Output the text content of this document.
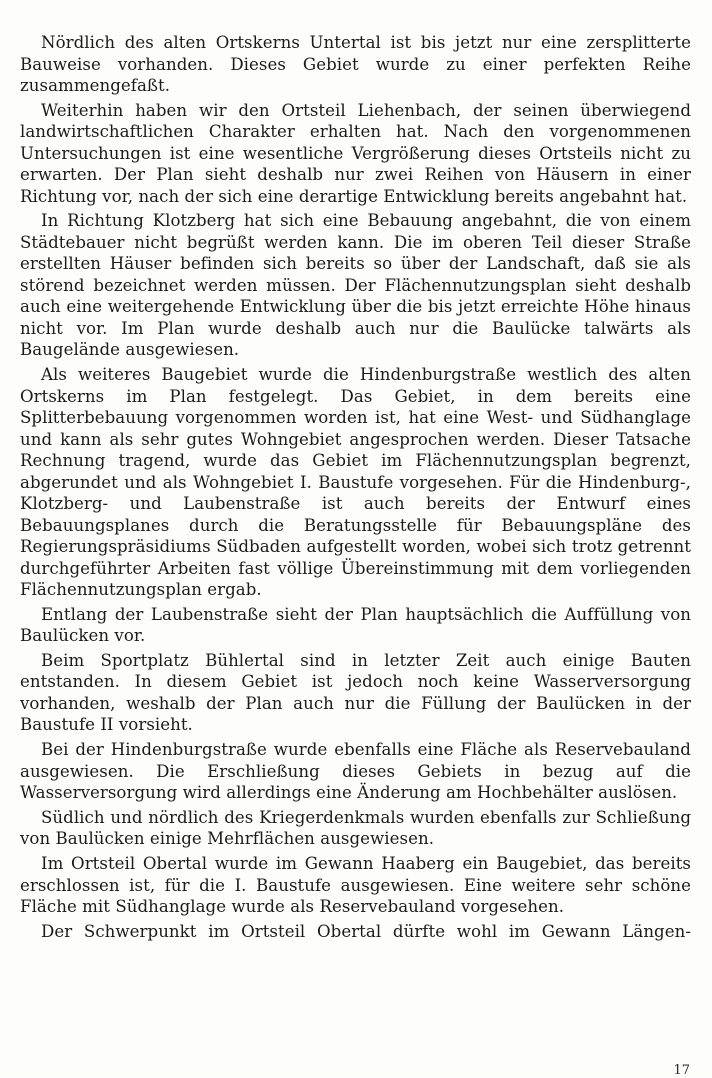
Nördlich des alten Ortskerns Untertal ist bis jetzt nur eine zersplitterte Bauweise vorhanden. Dieses Gebiet wurde zu einer perfekten Reihe zusammengefaßt.

Weiterhin haben wir den Ortsteil Liehenbach, der seinen überwiegend landwirtschaftlichen Charakter erhalten hat. Nach den vorgenommenen Untersuchungen ist eine wesentliche Vergrößerung dieses Ortsteils nicht zu erwarten. Der Plan sieht deshalb nur zwei Reihen von Häusern in einer Richtung vor, nach der sich eine derartige Entwicklung bereits angebahnt hat.

In Richtung Klotzberg hat sich eine Bebauung angebahnt, die von einem Städtebauer nicht begrüßt werden kann. Die im oberen Teil dieser Straße erstellten Häuser befinden sich bereits so über der Landschaft, daß sie als störend bezeichnet werden müssen. Der Flächennutzungsplan sieht deshalb auch eine weitergehende Entwicklung über die bis jetzt erreichte Höhe hinaus nicht vor. Im Plan wurde deshalb auch nur die Baulücke talwärts als Baugelände ausgewiesen.

Als weiteres Baugebiet wurde die Hindenburgstraße westlich des alten Ortskerns im Plan festgelegt. Das Gebiet, in dem bereits eine Splitterbebauung vorgenommen worden ist, hat eine West- und Südhanglage und kann als sehr gutes Wohngebiet angesprochen werden. Dieser Tatsache Rechnung tragend, wurde das Gebiet im Flächennutzungsplan begrenzt, abgerundet und als Wohngebiet I. Baustufe vorgesehen. Für die Hindenburg-, Klotzberg- und Laubenstraße ist auch bereits der Entwurf eines Bebauungsplanes durch die Beratungsstelle für Bebauungspläne des Regierungspräsidiums Südbaden aufgestellt worden, wobei sich trotz getrennt durchgeführter Arbeiten fast völlige Übereinstimmung mit dem vorliegenden Flächennutzungsplan ergab.

Entlang der Laubenstraße sieht der Plan hauptsächlich die Auffüllung von Baulücken vor.

Beim Sportplatz Bühlertal sind in letzter Zeit auch einige Bauten entstanden. In diesem Gebiet ist jedoch noch keine Wasserversorgung vorhanden, weshalb der Plan auch nur die Füllung der Baulücken in der Baustufe II vorsieht.

Bei der Hindenburgstraße wurde ebenfalls eine Fläche als Reservebauland ausgewiesen. Die Erschließung dieses Gebiets in bezug auf die Wasserversorgung wird allerdings eine Änderung am Hochbehälter auslösen.

Südlich und nördlich des Kriegerdenkmals wurden ebenfalls zur Schließung von Baulücken einige Mehrflächen ausgewiesen.

Im Ortsteil Obertal wurde im Gewann Haaberg ein Baugebiet, das bereits erschlossen ist, für die I. Baustufe ausgewiesen. Eine weitere sehr schöne Fläche mit Südhanglage wurde als Reservebauland vorgesehen.

Der Schwerpunkt im Ortsteil Obertal dürfte wohl im Gewann Längen-

17
